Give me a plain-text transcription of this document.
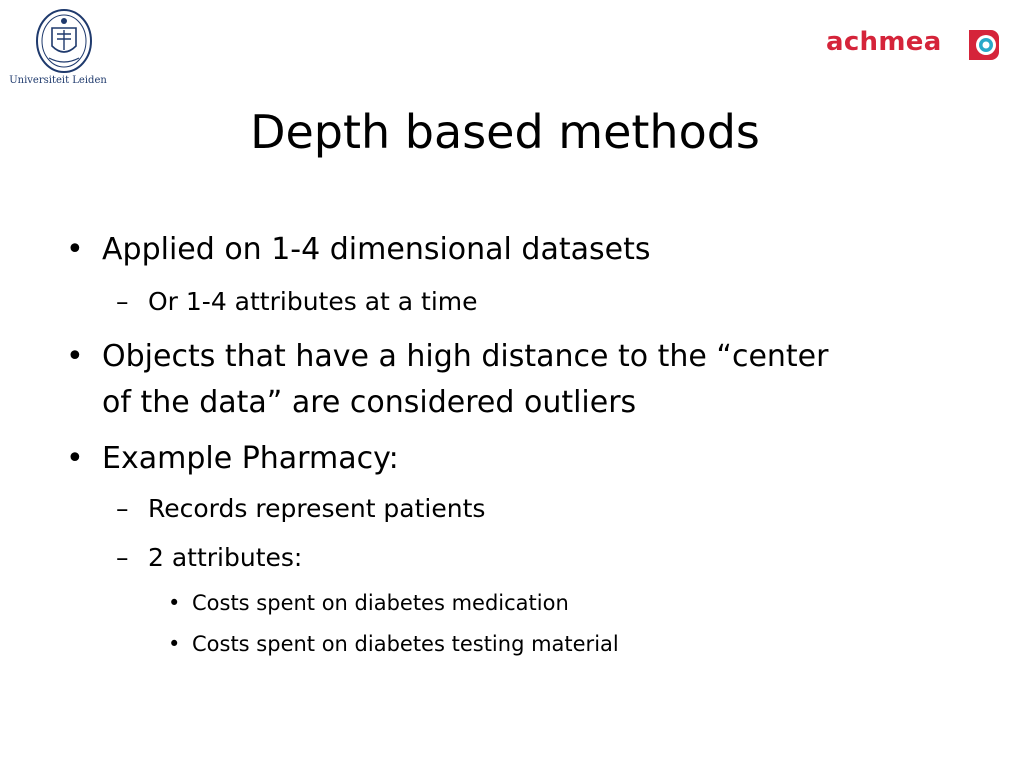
Universiteit Leiden
achmea
Depth based methods
• Applied on 1-4 dimensional datasets
– Or 1-4 attributes at a time
• Objects that have a high distance to the “center
of the data” are considered outliers
• Example Pharmacy:
– Records represent patients
– 2 attributes:
• Costs spent on diabetes medication
• Costs spent on diabetes testing material
